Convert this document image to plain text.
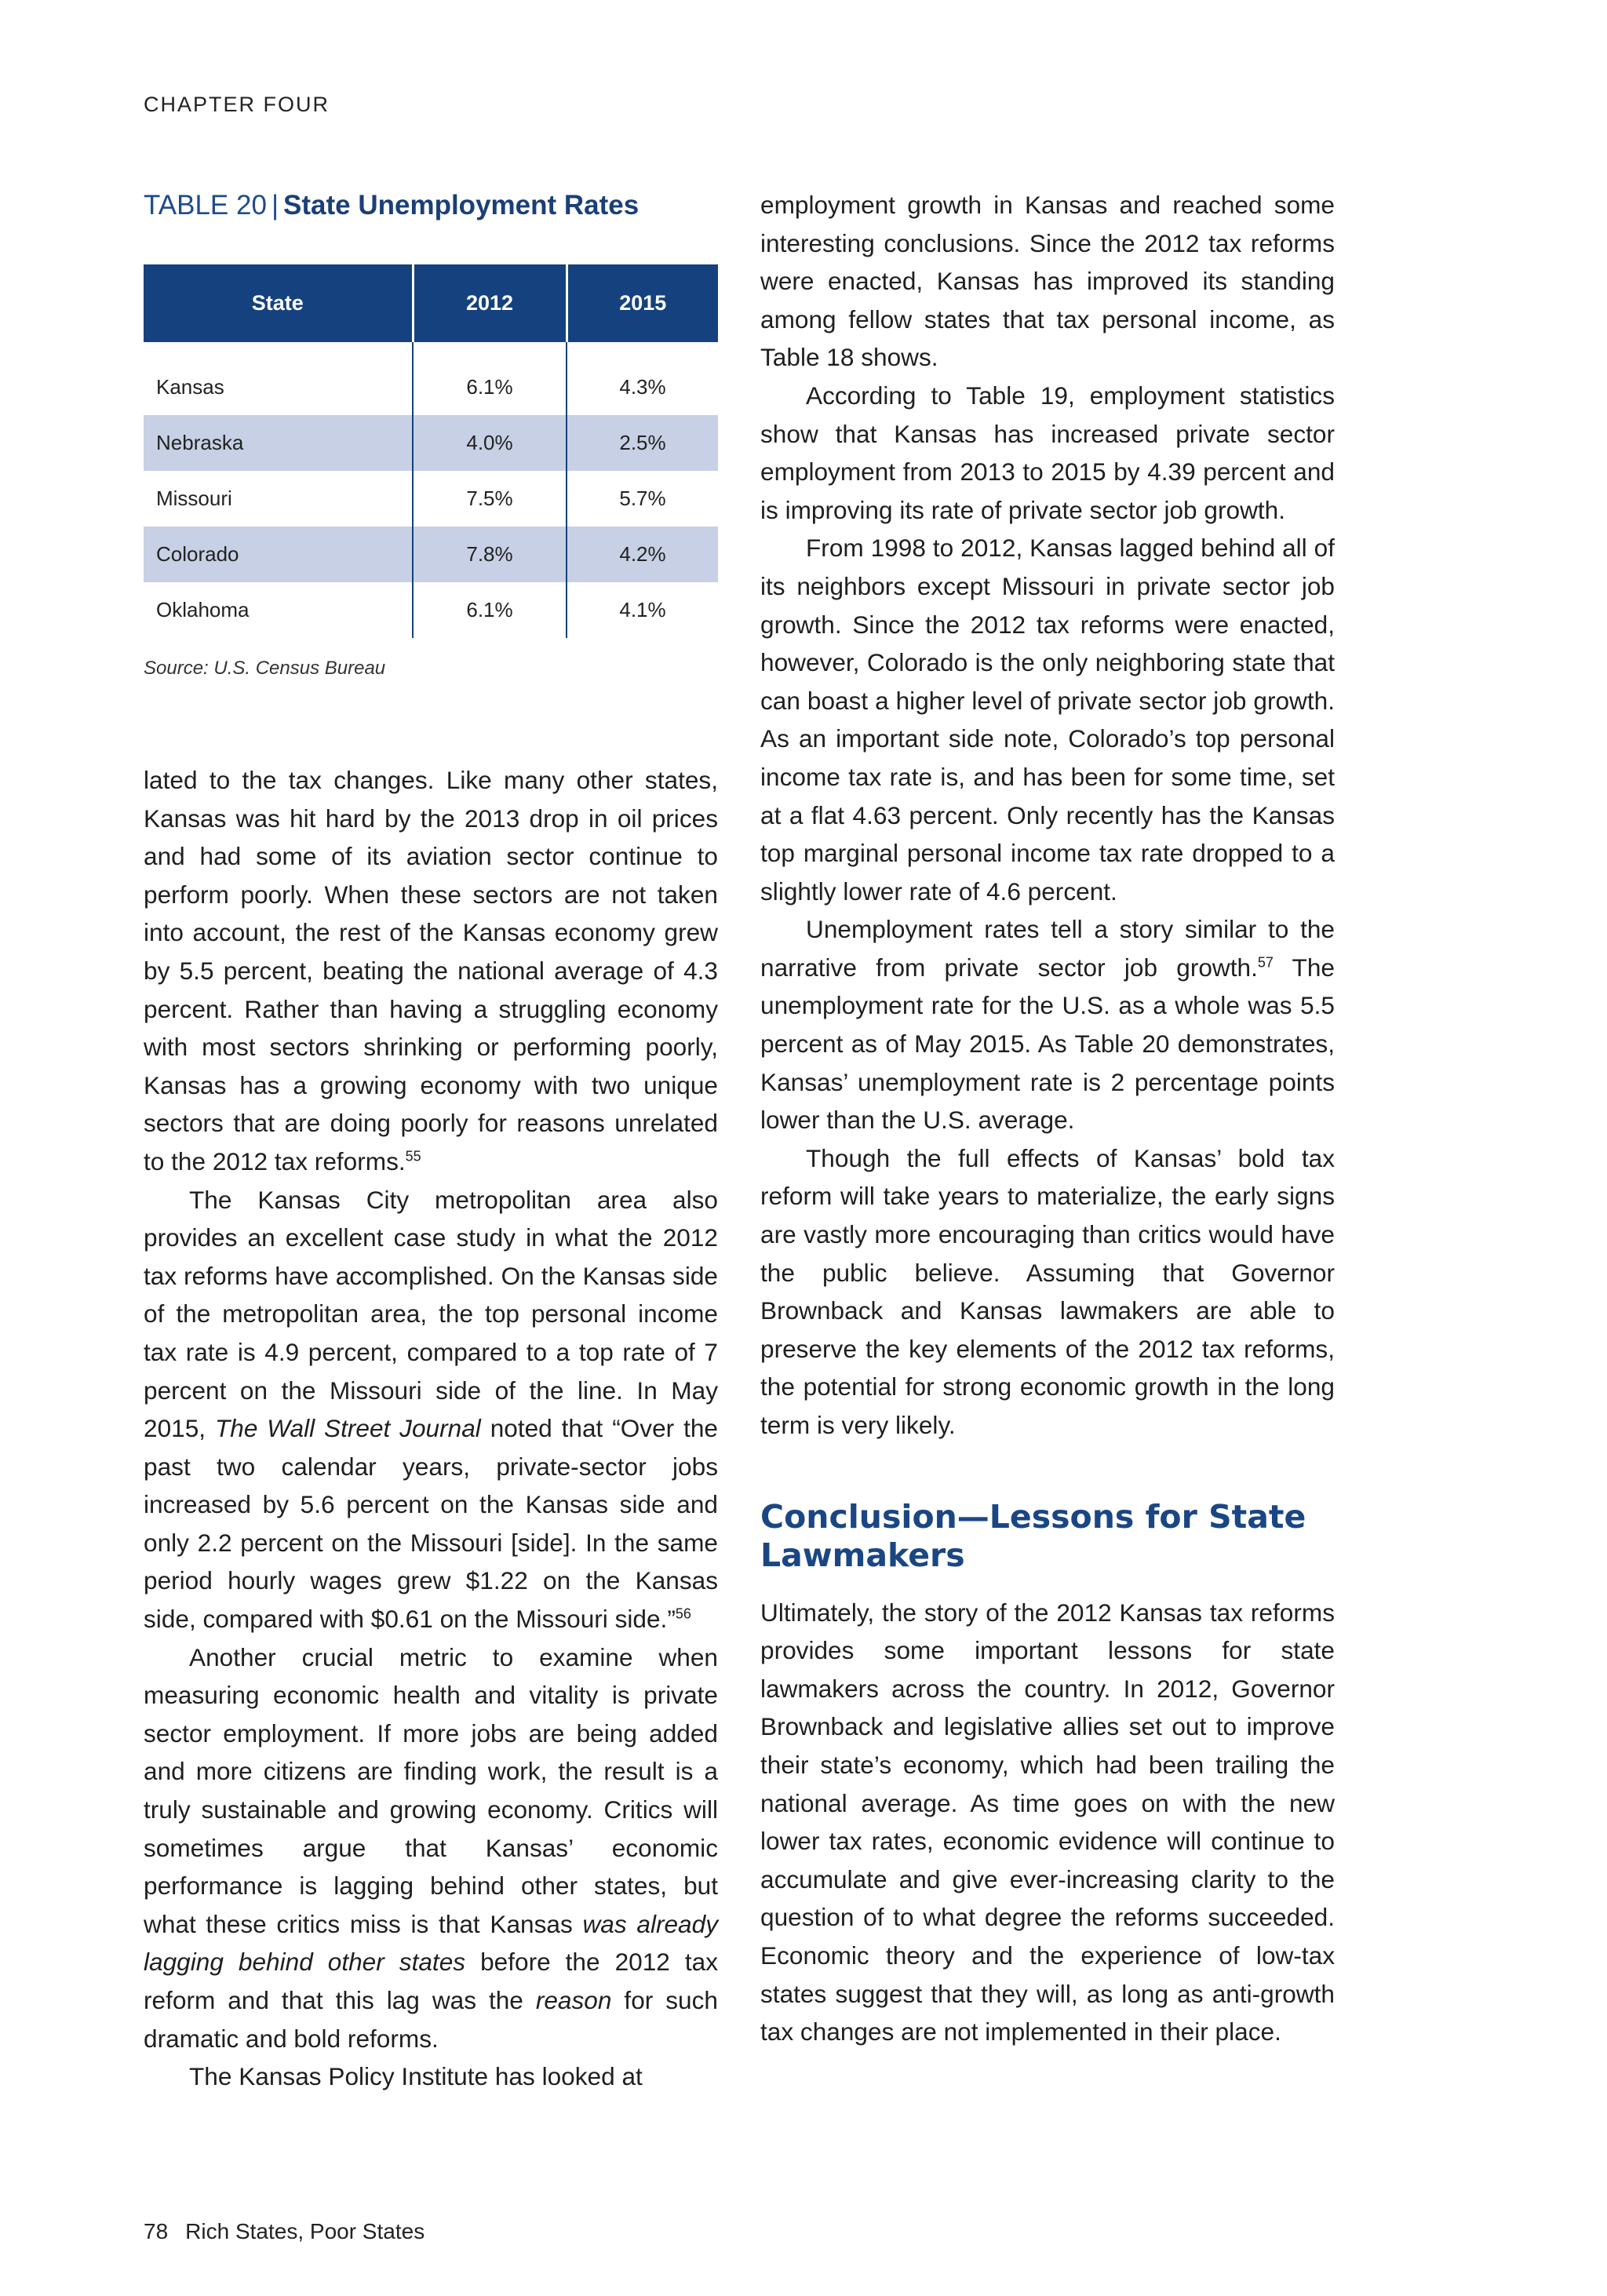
CHAPTER FOUR
TABLE 20 | State Unemployment Rates
State	2012	2015

Kansas	6.1%	4.3%
Nebraska	4.0%	2.5%
Missouri	7.5%	5.7%
Colorado	7.8%	4.2%
Oklahoma	6.1%	4.1%
Source: U.S. Census Bureau

lated to the tax changes. Like many other states, Kansas was hit hard by the 2013 drop in oil prices and had some of its aviation sector continue to perform poorly. When these sectors are not taken into account, the rest of the Kansas economy grew by 5.5 percent, beating the national average of 4.3 percent. Rather than having a struggling economy with most sectors shrinking or performing poorly, Kansas has a growing economy with two unique sectors that are doing poorly for reasons unrelated to the 2012 tax reforms.$^{55}$

The Kansas City metropolitan area also provides an excellent case study in what the 2012 tax reforms have accomplished. On the Kansas side of the metropolitan area, the top personal income tax rate is 4.9 percent, compared to a top rate of 7 percent on the Missouri side of the line. In May 2015, The Wall Street Journal noted that “Over the past two calendar years, private-sector jobs increased by 5.6 percent on the Kansas side and only 2.2 percent on the Missouri [side]. In the same period hourly wages grew $1.22 on the Kansas side, compared with $0.61 on the Missouri side.”$^{56}$

Another crucial metric to examine when measuring economic health and vitality is private sector employment. If more jobs are being added and more citizens are finding work, the result is a truly sustainable and growing economy. Critics will sometimes argue that Kansas’ economic performance is lagging behind other states, but what these critics miss is that Kansas was already lagging behind other states before the 2012 tax reform and that this lag was the reason for such dramatic and bold reforms.

The Kansas Policy Institute has looked at

employment growth in Kansas and reached some interesting conclusions. Since the 2012 tax reforms were enacted, Kansas has improved its standing among fellow states that tax personal income, as Table 18 shows.

According to Table 19, employment statistics show that Kansas has increased private sector employment from 2013 to 2015 by 4.39 percent and is improving its rate of private sector job growth.

From 1998 to 2012, Kansas lagged behind all of its neighbors except Missouri in private sector job growth. Since the 2012 tax reforms were enacted, however, Colorado is the only neighboring state that can boast a higher level of private sector job growth. As an important side note, Colorado’s top personal income tax rate is, and has been for some time, set at a flat 4.63 percent. Only recently has the Kansas top marginal personal income tax rate dropped to a slightly lower rate of 4.6 percent.

Unemployment rates tell a story similar to the narrative from private sector job growth.$^{57}$ The unemployment rate for the U.S. as a whole was 5.5 percent as of May 2015. As Table 20 demonstrates, Kansas’ unemployment rate is 2 percentage points lower than the U.S. average.

Though the full effects of Kansas’ bold tax reform will take years to materialize, the early signs are vastly more encouraging than critics would have the public believe. Assuming that Governor Brownback and Kansas lawmakers are able to preserve the key elements of the 2012 tax reforms, the potential for strong economic growth in the long term is very likely.

Conclusion—Lessons for State Lawmakers

Ultimately, the story of the 2012 Kansas tax reforms provides some important lessons for state lawmakers across the country. In 2012, Governor Brownback and legislative allies set out to improve their state’s economy, which had been trailing the national average. As time goes on with the new lower tax rates, economic evidence will continue to accumulate and give ever-increasing clarity to the question of to what degree the reforms succeeded. Economic theory and the experience of low-tax states suggest that they will, as long as anti-growth tax changes are not implemented in their place.

78 Rich States, Poor States
